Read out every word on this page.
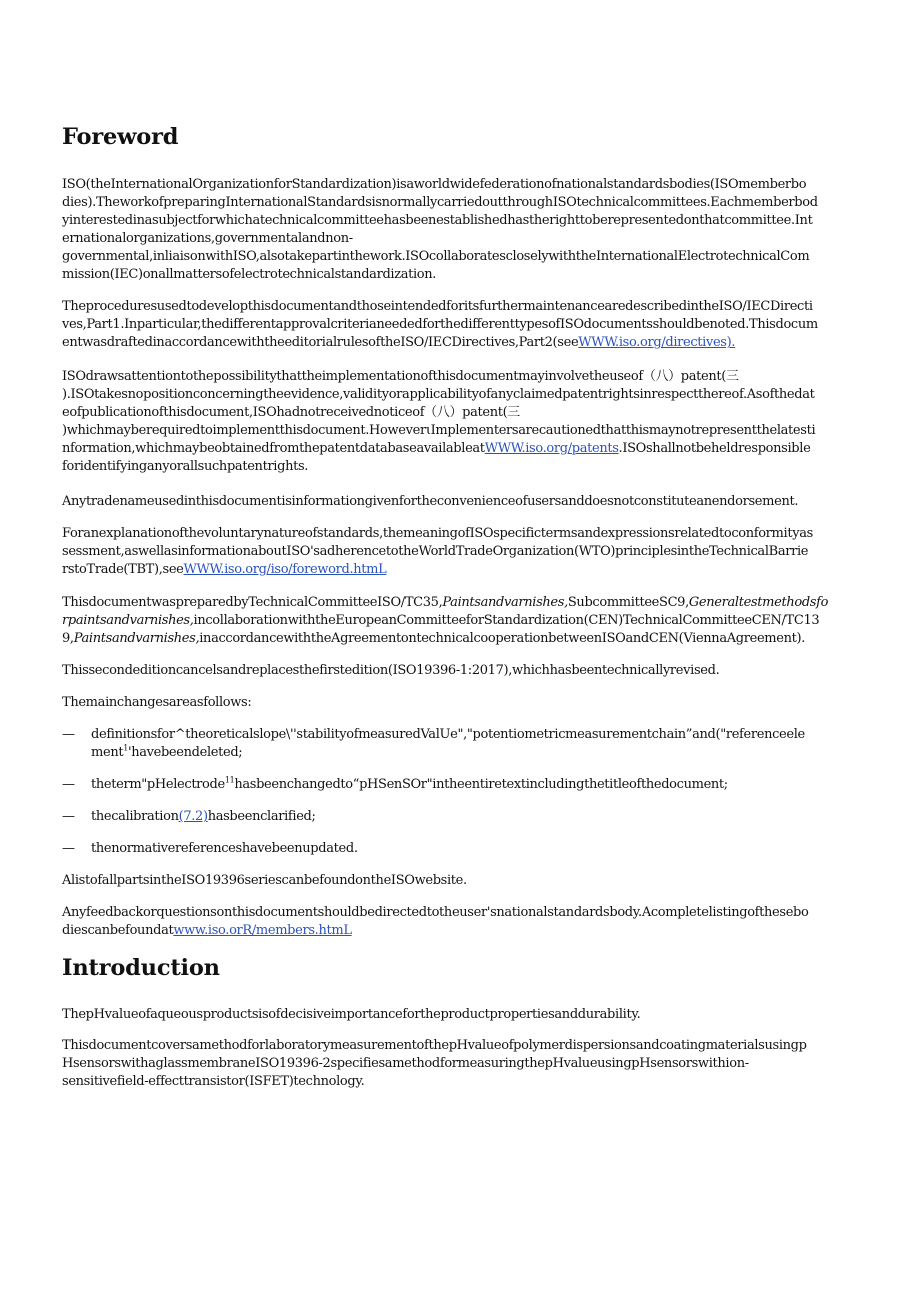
Foreword
ISO(theInternationalOrganizationforStandardization)isaworldwidefederationofnationalstandardsbodies(ISOmemberbo
dies).TheworkofpreparingInternationalStandardsisnormallycarriedoutthroughISOtechnicalcommittees.Eachmemberbod
yinterestedinasubjectforwhichatechnicalcommitteehasbeenestablishedhastherighttoberepresentedonthatcommittee.Int
ernationalorganizations,governmentalandnon-
governmental,inliaisonwithISO,alsotakepartinthework.ISOcollaboratescloselywiththeInternationalElectrotechnicalCom
mission(IEC)onallmattersofelectrotechnicalstandardization.
TheproceduresusedtodevelopthisdocumentandthoseintendedforitsfurthermaintenancearedescribedintheISO/IECDirecti
ves,Part1.Inparticular,thedifferentapprovalcriterianeededforthedifferenttypesofISOdocumentsshouldbenoted.Thisdocum
entwasdraftedinaccordancewiththeeditorialrulesoftheISO/IECDirectives,Part2(seeWWW.iso.org/directives).
ISOdrawsattentiontothepossibilitythattheimplementationofthisdocumentmayinvolvetheuseof（八）patent(三
).ISOtakesnopositionconcerningtheevidence,validityorapplicabilityofanyclaimedpatentrightsinrespectthereof.Asofthedat
eofpublicationofthisdocument,ISOhadnotreceivednoticeof（八）patent(三
)whichmayberequiredtoimplementthisdocument.HoweverιImplementersarecautionedthatthismaynotrepresentthelatesti
nformation,whichmaybeobtainedfromthepatentdatabaseavailableatWWW.iso.org/patents.ISOshallnotbeheldresponsible
foridentifyinganyorallsuchpatentrights.
Anytradenameusedinthisdocumentisinformationgivenfortheconvenienceofusersanddoesnotconstituteanendorsement.
Foranexplanationofthevoluntarynatureofstandards,themeaningofISOspecifictermsandexpressionsrelatedtoconformityas
sessment,aswellasinformationaboutISO'sadherencetotheWorldTradeOrganization(WTO)principlesintheTechnicalBarrie
rstoTrade(TBT),seeWWW.iso.org/iso/foreword.htmL
ThisdocumentwaspreparedbyTechnicalCommitteeISO/TC35,Paintsandvarnishes,SubcommitteeSC9,Generaltestmethodsfo
rpaintsandvarnishes,incollaborationwiththeEuropeanCommitteeforStandardization(CEN)TechnicalCommitteeCEN/TC13
9,Paintsandvarnishes,inaccordancewiththeAgreementontechnicalcooperationbetweenISOandCEN(ViennaAgreement).
Thissecondeditioncancelsandreplacesthefirstedition(ISO19396-1:2017),whichhasbeentechnicallyrevised.
Themainchangesareasfollows:
— definitionsfor^theoreticalslope\''stabilityofmeasuredValUe","potentiometricmeasurementchain”and("referenceele
ment$^1$'havebeendeleted;
— theterm"pHelectrode$^{11}$hasbeenchangedto“pHSenSOr"intheentiretextincludingthetitleofthedocument;
— thecalibration(7.2)hasbeenclarified;
— thenormativereferenceshavebeenupdated.
AlistofallpartsintheISO19396seriescanbefoundontheISOwebsite.
Anyfeedbackorquestionsonthisdocumentshouldbedirectedtotheuser'snationalstandardsbody.Acompletelistingofthesebo
diescanbefoundatwww.iso.orR/members.htmL
Introduction
ThepHvalueofaqueousproductsisofdecisiveimportancefortheproductpropertiesanddurability.
ThisdocumentcoversamethodforlaboratorymeasurementofthepHvalueofpolymerdispersionsandcoatingmaterialsusingp
HsensorswithaglassmembraneISO19396-2specifiesamethodformeasuringthepHvalueusingpHsensorswithion-
sensitivefield-effecttransistor(ISFET)technology.
